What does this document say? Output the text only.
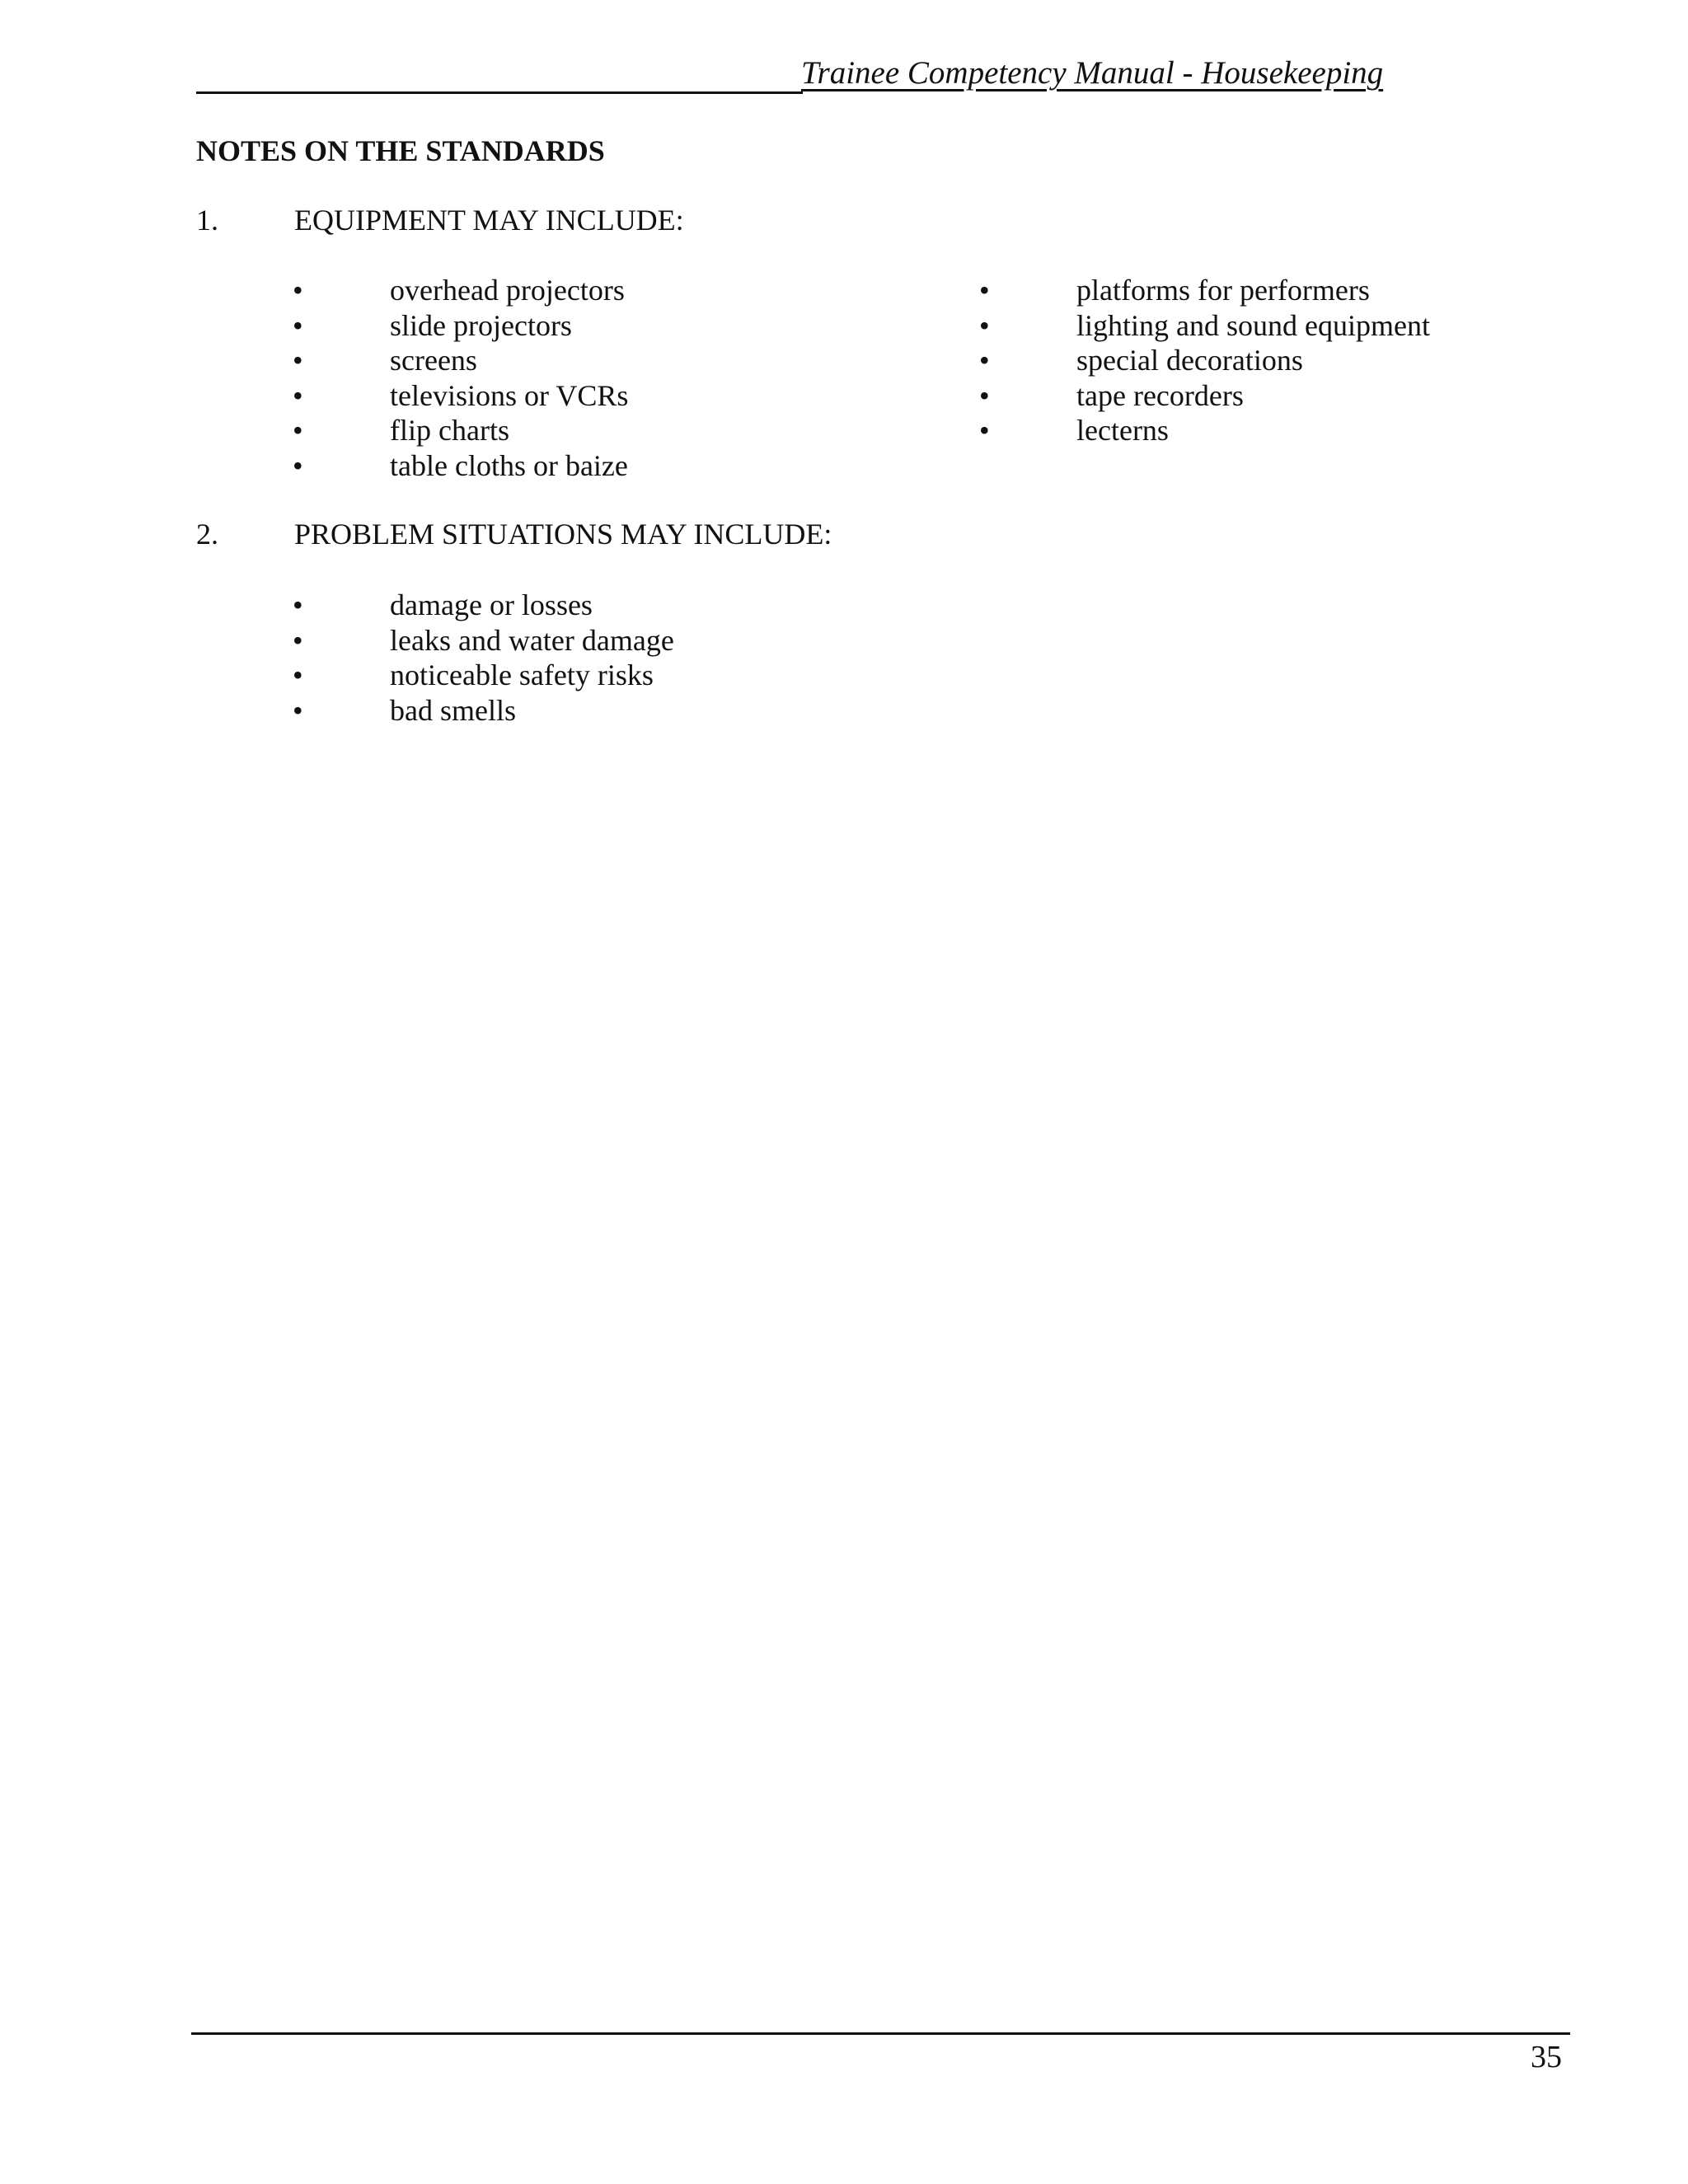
Trainee Competency Manual - Housekeeping
NOTES ON THE STANDARDS
1.	EQUIPMENT MAY INCLUDE:
•	overhead projectors
•	slide projectors
•	screens
•	televisions or VCRs
•	flip charts
•	table cloths or baize
•	platforms for performers
•	lighting and sound equipment
•	special decorations
•	tape recorders
•	lecterns
2.	PROBLEM SITUATIONS MAY INCLUDE:
•	damage or losses
•	leaks and water damage
•	noticeable safety risks
•	bad smells
35
